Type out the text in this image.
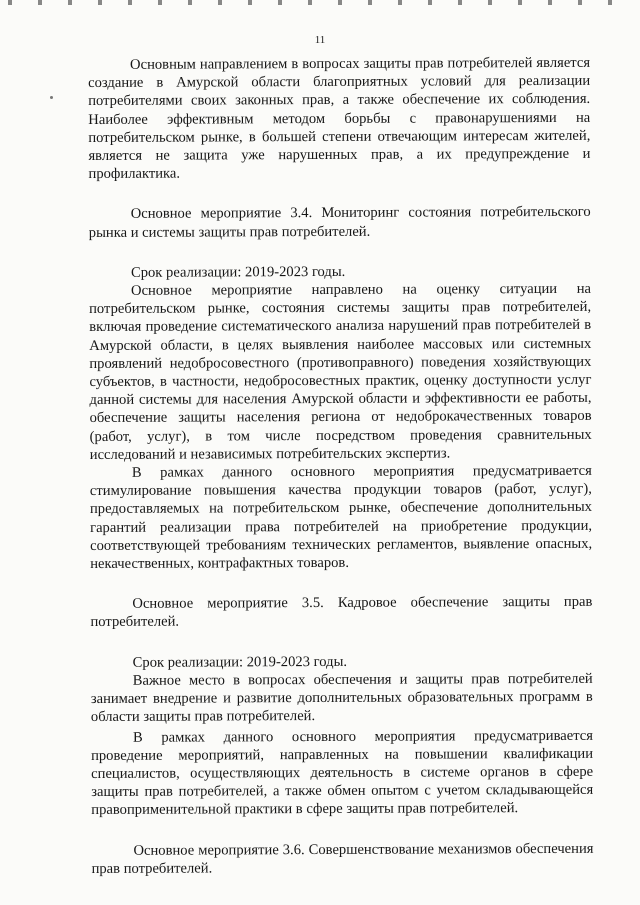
11

Основным направлением в вопросах защиты прав потребителей является создание в Амурской области благоприятных условий для реализации потребителями своих законных прав, а также обеспечение их соблюдения. Наиболее эффективным методом борьбы с правонарушениями на потребительском рынке, в большей степени отвечающим интересам жителей, является не защита уже нарушенных прав, а их предупреждение и профилактика.

Основное мероприятие 3.4. Мониторинг состояния потребительского рынка и системы защиты прав потребителей.

Срок реализации: 2019-2023 годы.

Основное мероприятие направлено на оценку ситуации на потребительском рынке, состояния системы защиты прав потребителей, включая проведение систематического анализа нарушений прав потребителей в Амурской области, в целях выявления наиболее массовых или системных проявлений недобросовестного (противоправного) поведения хозяйствующих субъектов, в частности, недобросовестных практик, оценку доступности услуг данной системы для населения Амурской области и эффективности ее работы, обеспечение защиты населения региона от недоброкачественных товаров (работ, услуг), в том числе посредством проведения сравнительных исследований и независимых потребительских экспертиз.

В рамках данного основного мероприятия предусматривается стимулирование повышения качества продукции товаров (работ, услуг), предоставляемых на потребительском рынке, обеспечение дополнительных гарантий реализации права потребителей на приобретение продукции, соответствующей требованиям технических регламентов, выявление опасных, некачественных, контрафактных товаров.

Основное мероприятие 3.5. Кадровое обеспечение защиты прав потребителей.

Срок реализации: 2019-2023 годы.

Важное место в вопросах обеспечения и защиты прав потребителей занимает внедрение и развитие дополнительных образовательных программ в области защиты прав потребителей.

В рамках данного основного мероприятия предусматривается проведение мероприятий, направленных на повышении квалификации специалистов, осуществляющих деятельность в системе органов в сфере защиты прав потребителей, а также обмен опытом с учетом складывающейся правоприменительной практики в сфере защиты прав потребителей.

Основное мероприятие 3.6. Совершенствование механизмов обеспечения прав потребителей.
